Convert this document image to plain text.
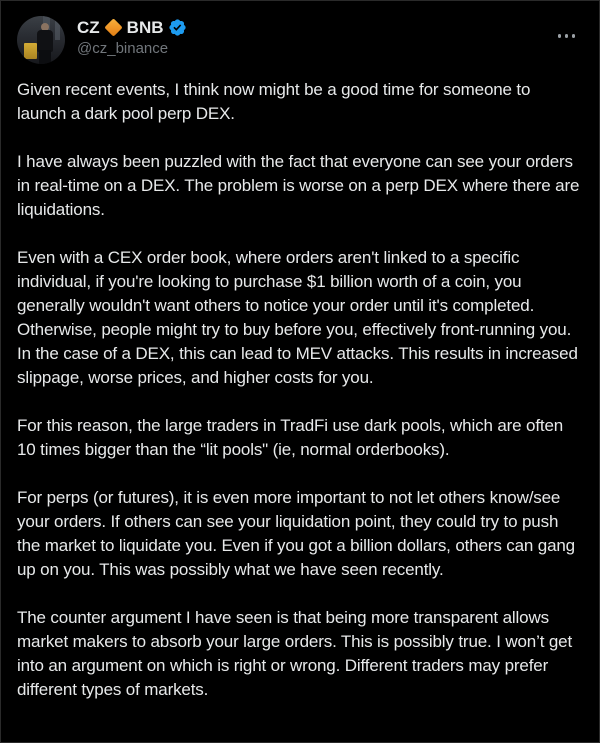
CZ BNB
@cz_binance

Given recent events, I think now might be a good time for someone to launch a dark pool perp DEX.

I have always been puzzled with the fact that everyone can see your orders in real-time on a DEX. The problem is worse on a perp DEX where there are liquidations.

Even with a CEX order book, where orders aren't linked to a specific individual, if you're looking to purchase $1 billion worth of a coin, you generally wouldn't want others to notice your order until it's completed. Otherwise, people might try to buy before you, effectively front-running you. In the case of a DEX, this can lead to MEV attacks. This results in increased slippage, worse prices, and higher costs for you.

For this reason, the large traders in TradFi use dark pools, which are often 10 times bigger than the “lit pools" (ie, normal orderbooks).

For perps (or futures), it is even more important to not let others know/see your orders. If others can see your liquidation point, they could try to push the market to liquidate you. Even if you got a billion dollars, others can gang up on you. This was possibly what we have seen recently.

The counter argument I have seen is that being more transparent allows market makers to absorb your large orders. This is possibly true. I won’t get into an argument on which is right or wrong. Different traders may prefer different types of markets.
